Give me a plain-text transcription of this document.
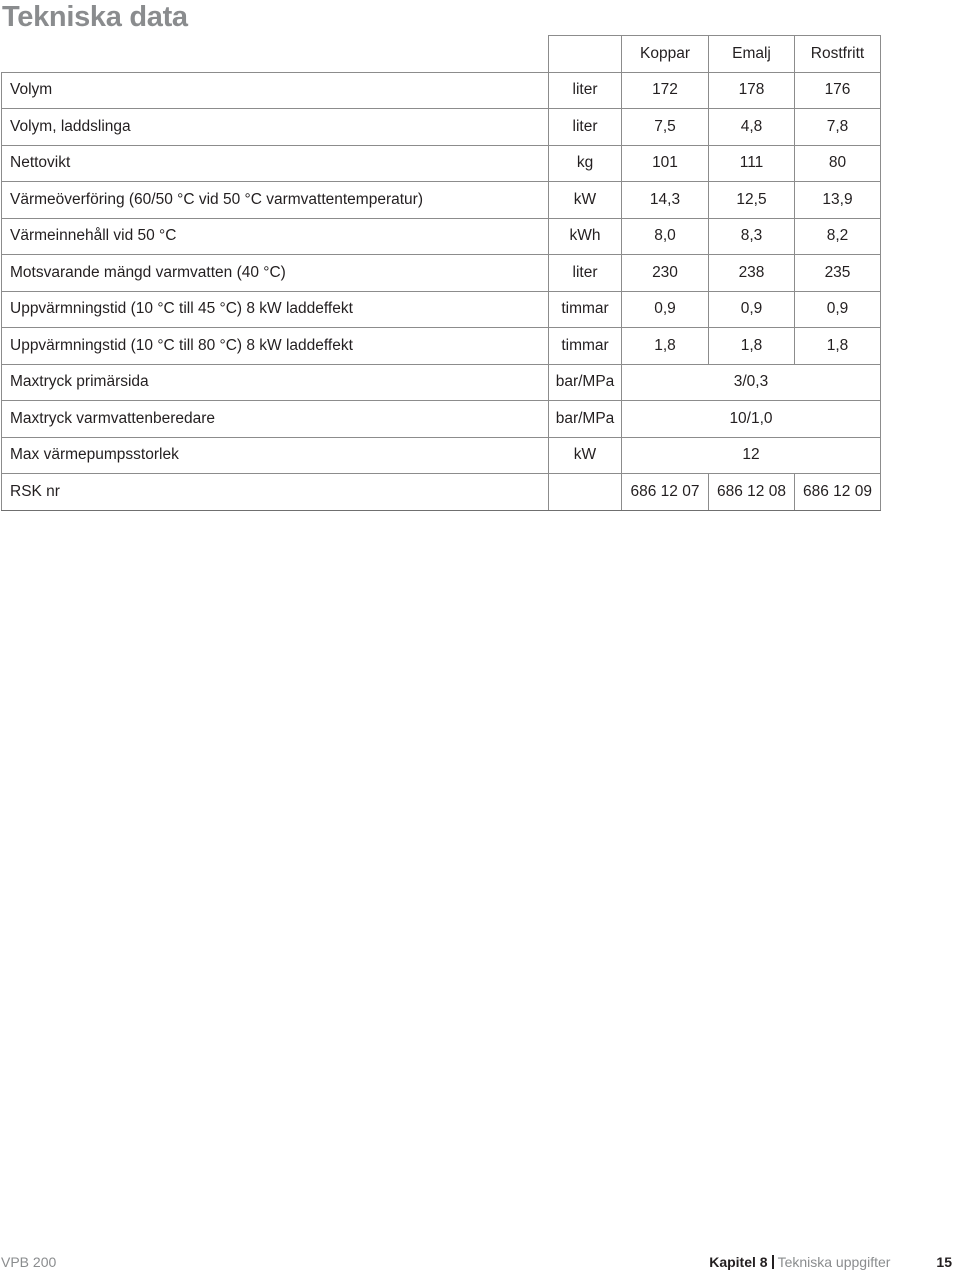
Tekniska data
		Koppar	Emalj	Rostfritt
Volym	liter	172	178	176
Volym, laddslinga	liter	7,5	4,8	7,8
Nettovikt	kg	101	111	80
Värmeöverföring (60/50 °C vid 50 °C varmvattentemperatur)	kW	14,3	12,5	13,9
Värmeinnehåll vid 50 °C	kWh	8,0	8,3	8,2
Motsvarande mängd varmvatten (40 °C)	liter	230	238	235
Uppvärmningstid (10 °C till 45 °C) 8 kW laddeffekt	timmar	0,9	0,9	0,9
Uppvärmningstid (10 °C till 80 °C) 8 kW laddeffekt	timmar	1,8	1,8	1,8
Maxtryck primärsida	bar/MPa	3/0,3		
Maxtryck varmvattenberedare	bar/MPa	10/1,0		
Max värmepumpsstorlek	kW	12		
RSK nr		686 12 07	686 12 08	686 12 09
VPB 200	Kapitel 8 Tekniska uppgifter	15
